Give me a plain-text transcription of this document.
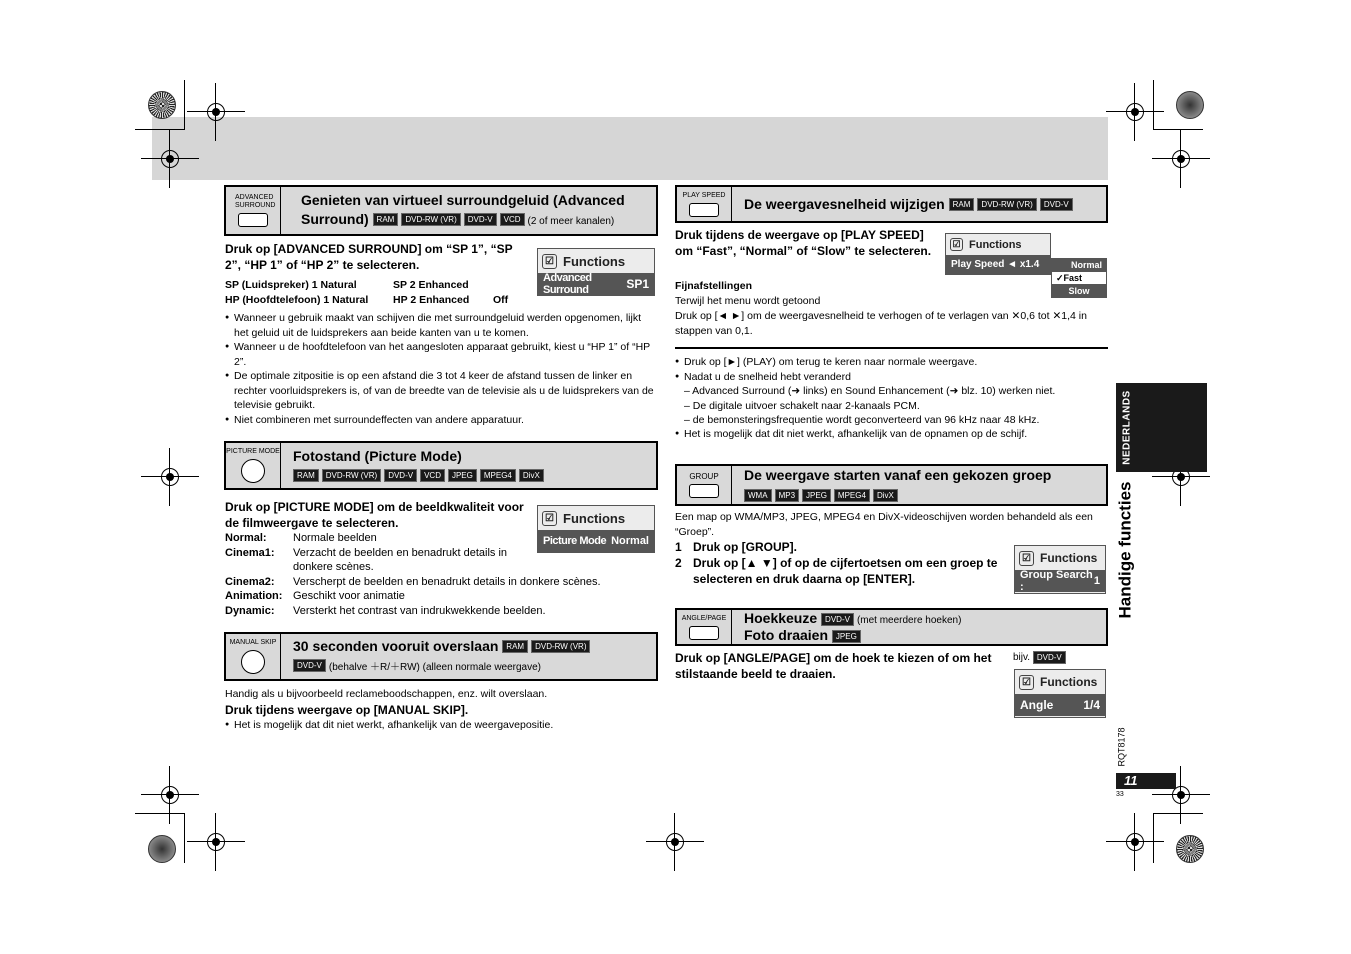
ADVANCED SURROUND Genieten van virtueel surroundgeluid (Advanced
Surround) RAM DVD-RW (VR) DVD-V VCD (2 of meer kanalen)
Druk op [ADVANCED SURROUND] om “SP 1”, “SP 2”, “HP 1” of “HP 2” te selecteren.
SP (Luidspreker) 1 Natural	SP 2 Enhanced
HP (Hoofdtelefoon) 1 Natural	HP 2 Enhanced	Off
☑ Functions
Advanced Surround	SP1
● Wanneer u gebruik maakt van schijven die met surroundgeluid werden opgenomen, lijkt het geluid uit de luidsprekers aan beide kanten van u te komen.
● Wanneer u de hoofdtelefoon van het aangesloten apparaat gebruikt, kiest u “HP 1” of “HP 2”.
● De optimale zitpositie is op een afstand die 3 tot 4 keer de afstand tussen de linker en rechter voorluidsprekers is, of van de breedte van de televisie als u de luidsprekers van de televisie gebruikt.
● Niet combineren met surroundeffecten van andere apparatuur.
PICTURE MODE Fotostand (Picture Mode)
RAM DVD-RW (VR) DVD-V VCD JPEG MPEG4 DivX
Druk op [PICTURE MODE] om de beeldkwaliteit voor de filmweergave te selecteren.	☑ Functions
Picture Mode Normal
Normal:	Normale beelden
Cinema1:	Verzacht de beelden en benadrukt details in donkere scènes.
Cinema2:	Verscherpt de beelden en benadrukt details in donkere scènes.
Animation: Geschikt voor animatie
Dynamic:	Versterkt het contrast van indrukwekkende beelden.
MANUAL SKIP 30 seconden vooruit overslaan RAM DVD-RW (VR)
DVD-V (behalve ＋R/＋RW) (alleen normale weergave)
Handig als u bijvoorbeeld reclameboodschappen, enz. wilt overslaan.
Druk tijdens weergave op [MANUAL SKIP].
● Het is mogelijk dat dit niet werkt, afhankelijk van de weergavepositie.
PLAY SPEED
De weergavesnelheid wijzigen RAM DVD-RW (VR) DVD-V
Druk tijdens de weergave op [PLAY SPEED] om “Fast”, “Normal” of “Slow” te selecteren.	☑ Functions
Play Speed ◄ x1.4	Normal
✓Fast
Slow
Fijnafstellingen
Terwijl het menu wordt getoond
Druk op [◄ ►] om de weergavesnelheid te verhogen of te verlagen van ✕0,6 tot ✕1,4 in stappen van 0,1.
● Druk op [►] (PLAY) om terug te keren naar normale weergave.
● Nadat u de snelheid hebt veranderd
– Advanced Surround (➜ links) en Sound Enhancement (➜ blz. 10) werken niet.
– De digitale uitvoer schakelt naar 2-kanaals PCM.
– de bemonsteringsfrequentie wordt geconverteerd van 96 kHz naar 48 kHz.
● Het is mogelijk dat dit niet werkt, afhankelijk van de opnamen op de schijf.
GROUP De weergave starten vanaf een gekozen groep
WMA MP3 JPEG MPEG4 DivX
Een map op WMA/MP3, JPEG, MPEG4 en DivX-videoschijven worden behandeld als een “Groep”.
1 Druk op [GROUP].
2 Druk op [▲ ▼] of op de cijfertoetsen om een groep te selecteren en druk daarna op [ENTER].
☑ Functions
Group Search :	1
ANGLE/PAGE Hoekkeuze DVD-V (met meerdere hoeken)
Foto draaien JPEG
Druk op [ANGLE/PAGE] om de hoek te kiezen of om het stilstaande beeld te draaien.
bijv. DVD-V
☑ Functions
Angle 1/4
NEDERLANDS
Handige functies
RQT8178
11
33
